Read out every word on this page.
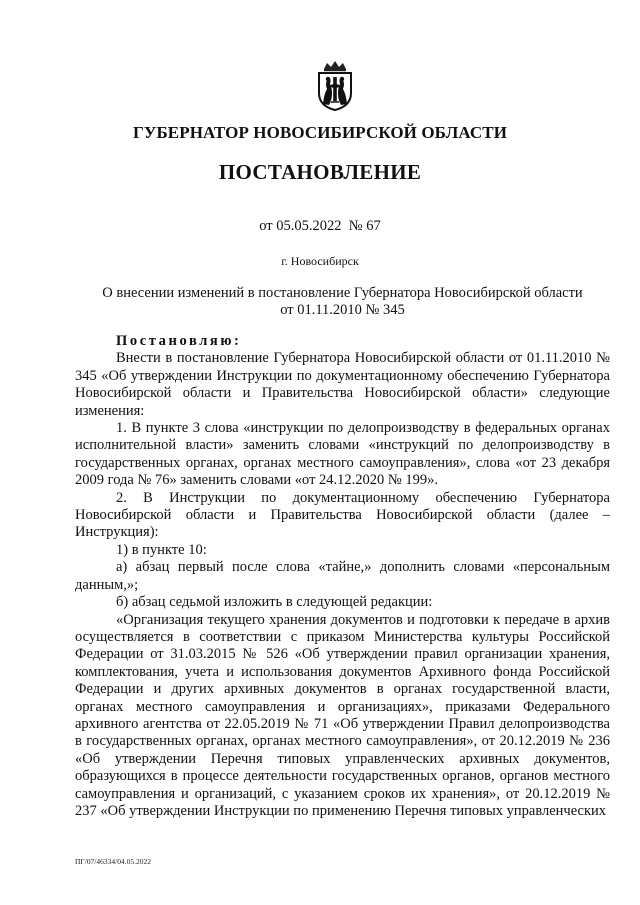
ГУБЕРНАТОР НОВОСИБИРСКОЙ ОБЛАСТИ
ПОСТАНОВЛЕНИЕ
от 05.05.2022  № 67
г. Новосибирск
О внесении изменений в постановление Губернатора Новосибирской области
от 01.11.2010 № 345

Постановляю:

Внести в постановление Губернатора Новосибирской области от 01.11.2010 № 345 «Об утверждении Инструкции по документационному обеспечению Губернатора Новосибирской области и Правительства Новосибирской области» следующие изменения:

1. В пункте 3 слова «инструкции по делопроизводству в федеральных органах исполнительной власти» заменить словами «инструкций по делопроизводству в государственных органах, органах местного самоуправления», слова «от 23 декабря 2009 года № 76» заменить словами «от 24.12.2020 № 199».

2. В Инструкции по документационному обеспечению Губернатора Новосибирской области и Правительства Новосибирской области (далее – Инструкция):

1) в пункте 10:

а) абзац первый после слова «тайне,» дополнить словами «персональным данным,»;

б) абзац седьмой изложить в следующей редакции:

«Организация текущего хранения документов и подготовки к передаче в архив осуществляется в соответствии с приказом Министерства культуры Российской Федерации от 31.03.2015 № 526 «Об утверждении правил организации хранения, комплектования, учета и использования документов Архивного фонда Российской Федерации и других архивных документов в органах государственной власти, органах местного самоуправления и организациях», приказами Федерального архивного агентства от 22.05.2019 № 71 «Об утверждении Правил делопроизводства в государственных органах, органах местного самоуправления», от 20.12.2019 № 236 «Об утверждении Перечня типовых управленческих архивных документов, образующихся в процессе деятельности государственных органов, органов местного самоуправления и организаций, с указанием сроков их хранения», от 20.12.2019 № 237 «Об утверждении Инструкции по применению Перечня типовых управленческих

ПГ/07/46334/04.05.2022
